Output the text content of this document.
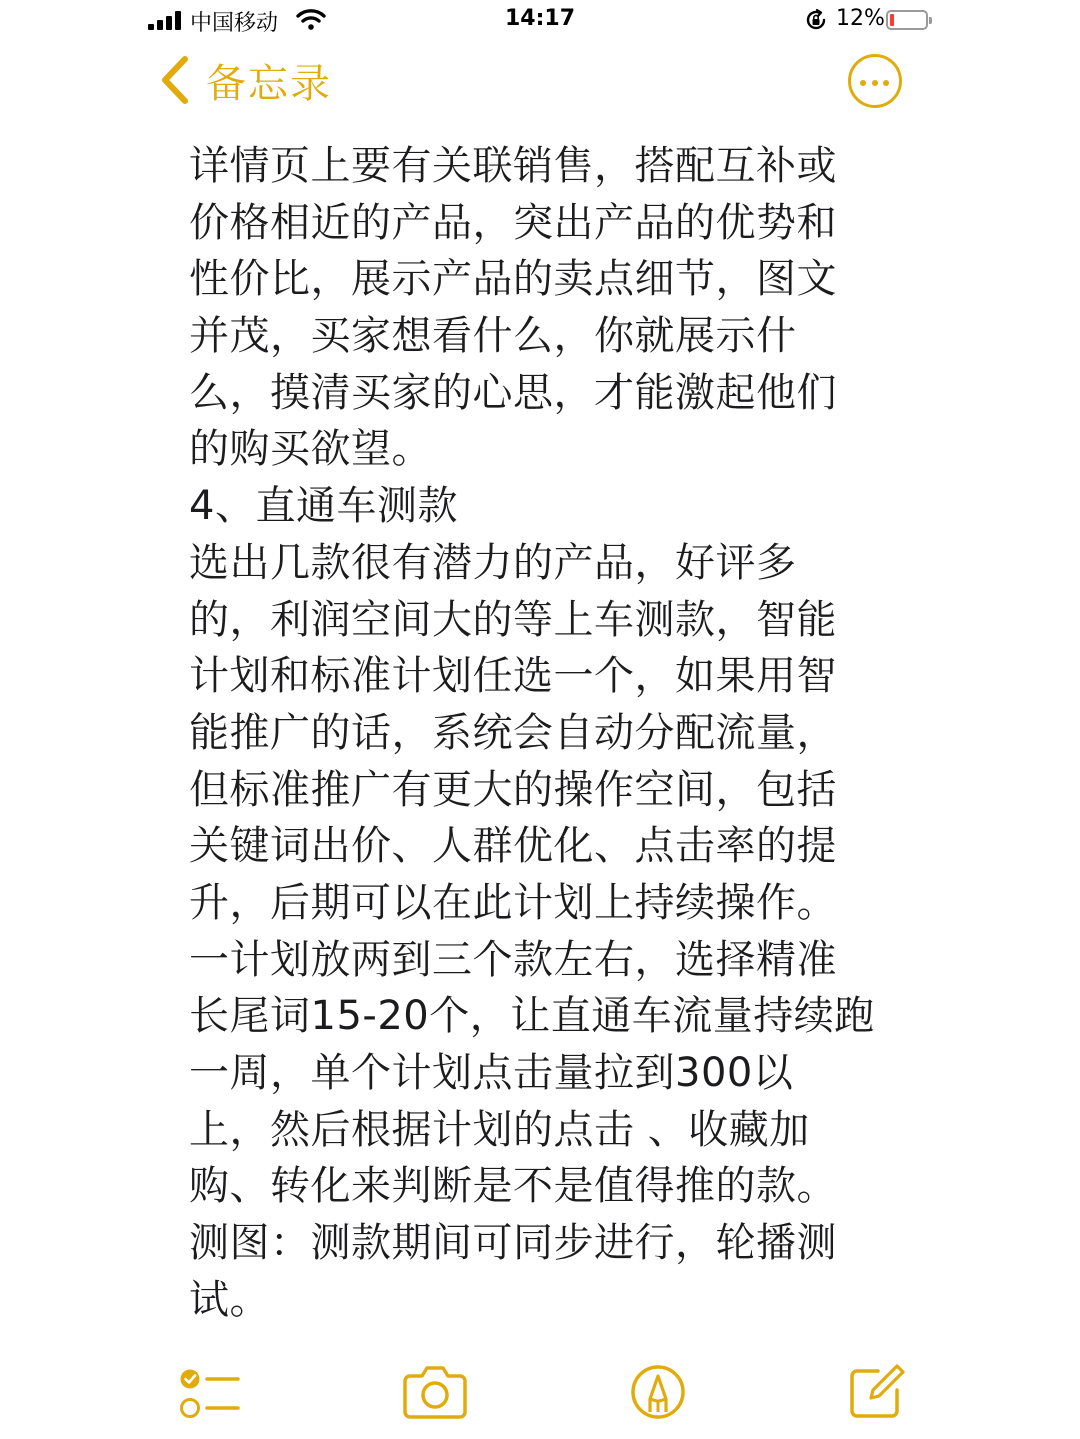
中国移动	14:17	12%
备忘录
详情页上要有关联销售，搭配互补或
价格相近的产品，突出产品的优势和
性价比，展示产品的卖点细节，图文
并茂，买家想看什么，你就展示什
么，摸清买家的心思，才能激起他们
的购买欲望。
4、直通车测款
选出几款很有潜力的产品，好评多
的，利润空间大的等上车测款，智能
计划和标准计划任选一个，如果用智
能推广的话，系统会自动分配流量，
但标准推广有更大的操作空间，包括
关键词出价、人群优化、点击率的提
升，后期可以在此计划上持续操作。
一计划放两到三个款左右，选择精准
长尾词15-20个，让直通车流量持续跑
一周，单个计划点击量拉到300以
上，然后根据计划的点击 、收藏加
购、转化来判断是不是值得推的款。
测图：测款期间可同步进行，轮播测
试。
